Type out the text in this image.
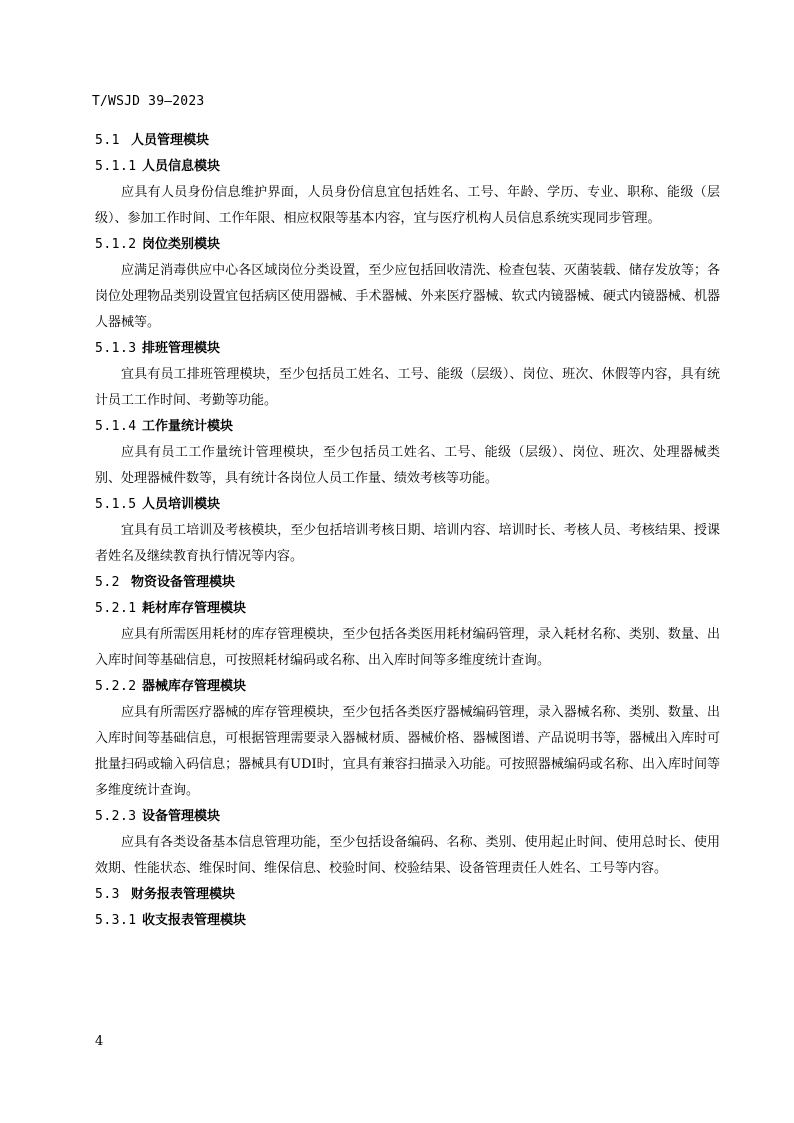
T/WSJD 39—2023
5.1 人员管理模块
5.1.1 人员信息模块

应具有人员身份信息维护界面，人员身份信息宜包括姓名、工号、年龄、学历、专业、职称、能级（层级）、参加工作时间、工作年限、相应权限等基本内容，宜与医疗机构人员信息系统实现同步管理。

5.1.2 岗位类别模块

应满足消毒供应中心各区域岗位分类设置，至少应包括回收清洗、检查包装、灭菌装载、储存发放等；各岗位处理物品类别设置宜包括病区使用器械、手术器械、外来医疗器械、软式内镜器械、硬式内镜器械、机器人器械等。

5.1.3 排班管理模块

宜具有员工排班管理模块，至少包括员工姓名、工号、能级（层级）、岗位、班次、休假等内容，具有统计员工工作时间、考勤等功能。

5.1.4 工作量统计模块

应具有员工工作量统计管理模块，至少包括员工姓名、工号、能级（层级）、岗位、班次、处理器械类别、处理器械件数等，具有统计各岗位人员工作量、绩效考核等功能。

5.1.5 人员培训模块

宜具有员工培训及考核模块，至少包括培训考核日期、培训内容、培训时长、考核人员、考核结果、授课者姓名及继续教育执行情况等内容。

5.2 物资设备管理模块
5.2.1 耗材库存管理模块

应具有所需医用耗材的库存管理模块，至少包括各类医用耗材编码管理，录入耗材名称、类别、数量、出入库时间等基础信息，可按照耗材编码或名称、出入库时间等多维度统计查询。

5.2.2 器械库存管理模块

应具有所需医疗器械的库存管理模块，至少包括各类医疗器械编码管理，录入器械名称、类别、数量、出入库时间等基础信息，可根据管理需要录入器械材质、器械价格、器械图谱、产品说明书等，器械出入库时可批量扫码或输入码信息；器械具有UDI时，宜具有兼容扫描录入功能。可按照器械编码或名称、出入库时间等多维度统计查询。

5.2.3 设备管理模块

应具有各类设备基本信息管理功能，至少包括设备编码、名称、类别、使用起止时间、使用总时长、使用效期、性能状态、维保时间、维保信息、校验时间、校验结果、设备管理责任人姓名、工号等内容。

5.3 财务报表管理模块
5.3.1 收支报表管理模块
4
